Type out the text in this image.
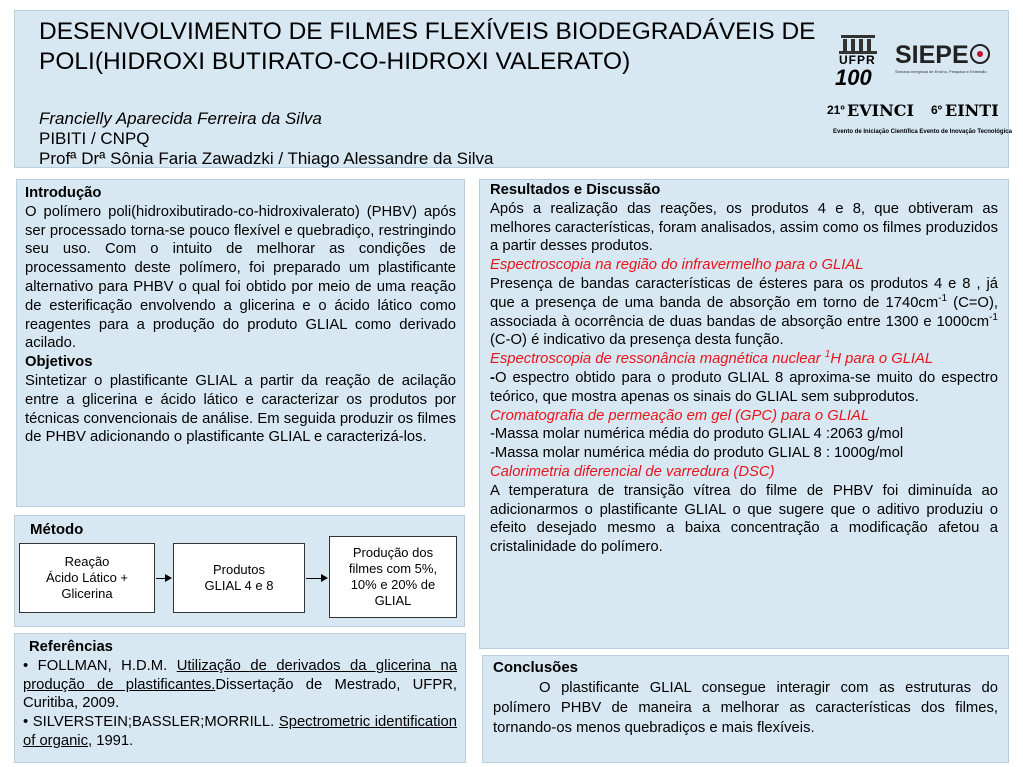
DESENVOLVIMENTO DE FILMES FLEXÍVEIS BIODEGRADÁVEIS DE POLI(HIDROXI BUTIRATO-CO-HIDROXI VALERATO)
Francielly Aparecida Ferreira da Silva
PIBITI / CNPQ
Profª Drª Sônia Faria Zawadzki / Thiago Alessandre da Silva
UFPR
100
SIEPE
Semana Integrada de Ensino, Pesquisa e Extensão
21º EVINCI 6º EINTI
Evento de Iniciação Científica Evento de Inovação Tecnológica
Introdução
O polímero poli(hidroxibutirado-co-hidroxivalerato) (PHBV) após ser processado torna-se pouco flexível e quebradiço, restringindo seu uso. Com o intuito de melhorar as condições de processamento deste polímero, foi preparado um plastificante alternativo para PHBV o qual foi obtido por meio de uma reação de esterificação envolvendo a glicerina e o ácido lático como reagentes para a produção do produto GLIAL como derivado acilado.
Objetivos
Sintetizar o plastificante GLIAL a partir da reação de acilação entre a glicerina e ácido lático e caracterizar os produtos por técnicas convencionais de análise. Em seguida produzir os filmes de PHBV adicionando o plastificante GLIAL e caracterizá-los.
Método
Reação
Ácido Lático +
Glicerina
Produtos
GLIAL 4 e 8
Produção dos
filmes com 5%,
10% e 20% de
GLIAL
Referências
• FOLLMAN, H.D.M. Utilização de derivados da glicerina na produção de plastificantes.Dissertação de Mestrado, UFPR, Curitiba, 2009.
• SILVERSTEIN;BASSLER;MORRILL. Spectrometric identification of organic, 1991.
Resultados e Discussão
Após a realização das reações, os produtos 4 e 8, que obtiveram as melhores características, foram analisados, assim como os filmes produzidos a partir desses produtos.
Espectroscopia na região do infravermelho para o GLIAL
Presença de bandas características de ésteres para os produtos 4 e 8 , já que a presença de uma banda de absorção em torno de $1740cm^{-1}$ (C=O), associada à ocorrência de duas bandas de absorção entre 1300 e $1000cm^{-1}$ (C-O) é indicativo da presença desta função.
Espectroscopia de ressonância magnética nuclear $^1$H para o GLIAL
-O espectro obtido para o produto GLIAL 8 aproxima-se muito do espectro teórico, que mostra apenas os sinais do GLIAL sem subprodutos.
Cromatografia de permeação em gel (GPC) para o GLIAL
-Massa molar numérica média do produto GLIAL 4 :2063 g/mol
-Massa molar numérica média do produto GLIAL 8 : 1000g/mol
Calorimetria diferencial de varredura (DSC)
A temperatura de transição vítrea do filme de PHBV foi diminuída ao adicionarmos o plastificante GLIAL o que sugere que o aditivo produziu o efeito desejado mesmo a baixa concentração a modificação afetou a cristalinidade do polímero.
Conclusões
O plastificante GLIAL consegue interagir com as estruturas do polímero PHBV de maneira a melhorar as características dos filmes, tornando-os menos quebradiços e mais flexíveis.
